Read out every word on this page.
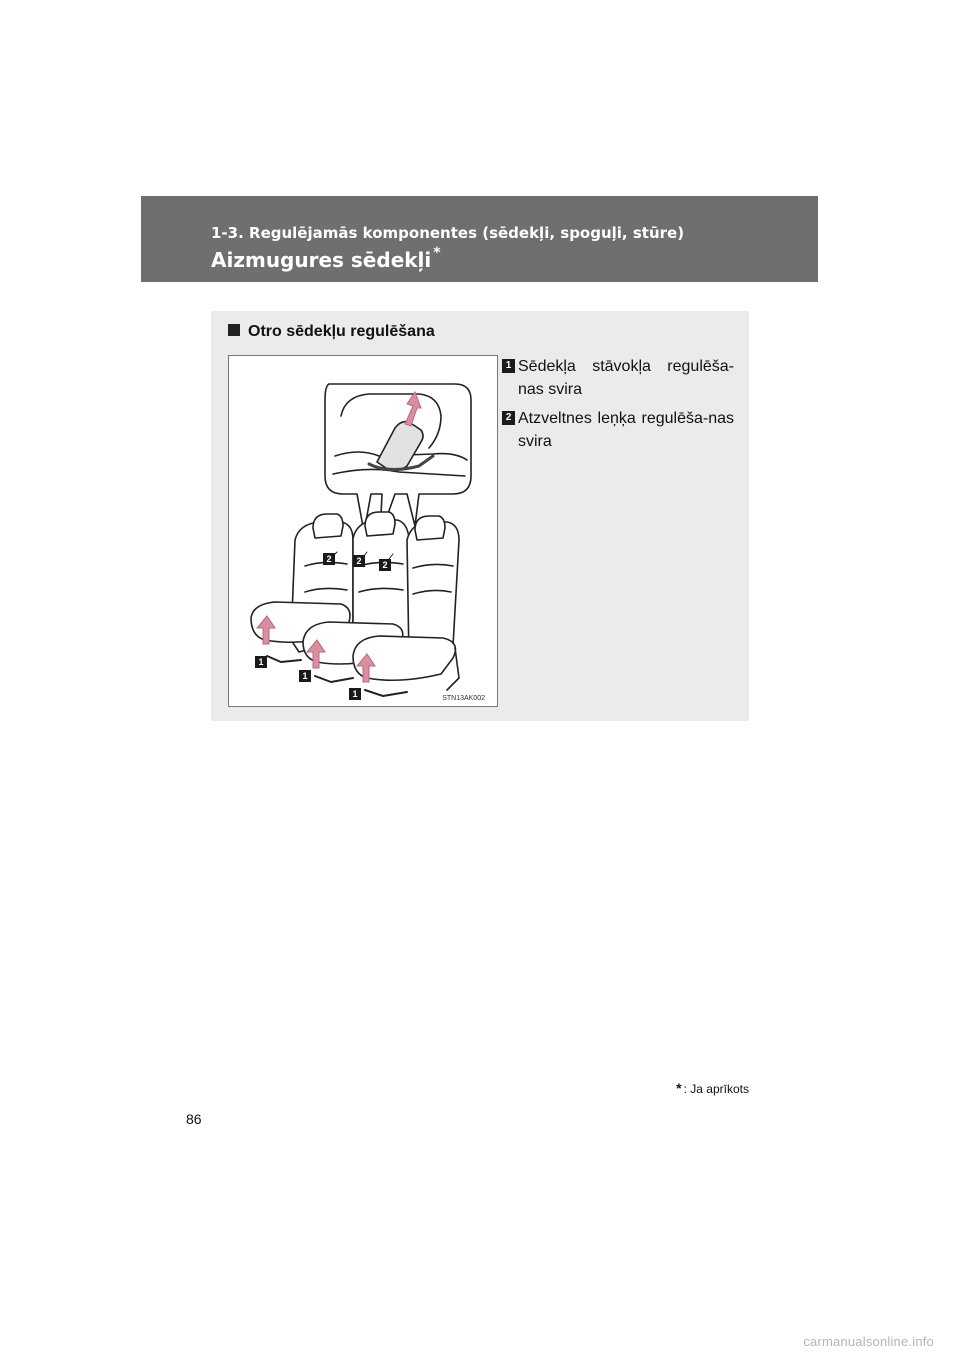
1-3. Regulējamās komponentes (sēdekļi, spoguļi, stūre)
Aizmugures sēdekļi *
Otro sēdekļu regulēšana
2	2 2
1
1
1	STN13AK002
1 Sēdekļa stāvokļa regulēša-nas svira
2 Atzveltnes leņķa regulēša-nas svira
* : Ja aprīkots
86
carmanualsonline.info
